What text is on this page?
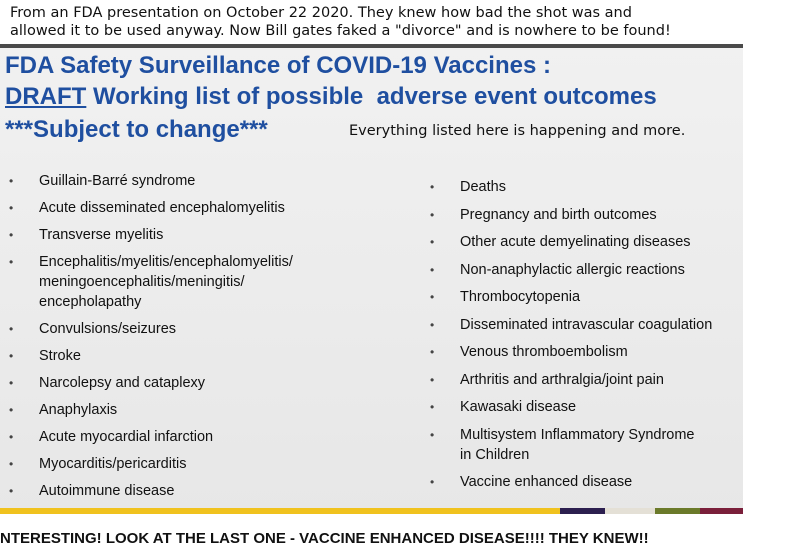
From an FDA presentation on October 22 2020. They knew how bad the shot was and
allowed it to be used anyway. Now Bill gates faked a "divorce" and is nowhere to be found!
FDA Safety Surveillance of COVID-19 Vaccines :
DRAFT Working list of possible  adverse event outcomes
***Subject to change***	Everything listed here is happening and more.
• Guillain-Barré syndrome
• Acute disseminated encephalomyelitis
• Transverse myelitis
• Encephalitis/myelitis/encephalomyelitis/
meningoencephalitis/meningitis/
encepholapathy
• Convulsions/seizures
• Stroke
• Narcolepsy and cataplexy
• Anaphylaxis
• Acute myocardial infarction
• Myocarditis/pericarditis
• Autoimmune disease
• Deaths
• Pregnancy and birth outcomes
• Other acute demyelinating diseases
• Non-anaphylactic allergic reactions
• Thrombocytopenia
• Disseminated intravascular coagulation
• Venous thromboembolism
• Arthritis and arthralgia/joint pain
• Kawasaki disease
• Multisystem Inflammatory Syndrome
in Children
• Vaccine enhanced disease
NTERESTING! LOOK AT THE LAST ONE - VACCINE ENHANCED DISEASE!!!! THEY KNEW!!
